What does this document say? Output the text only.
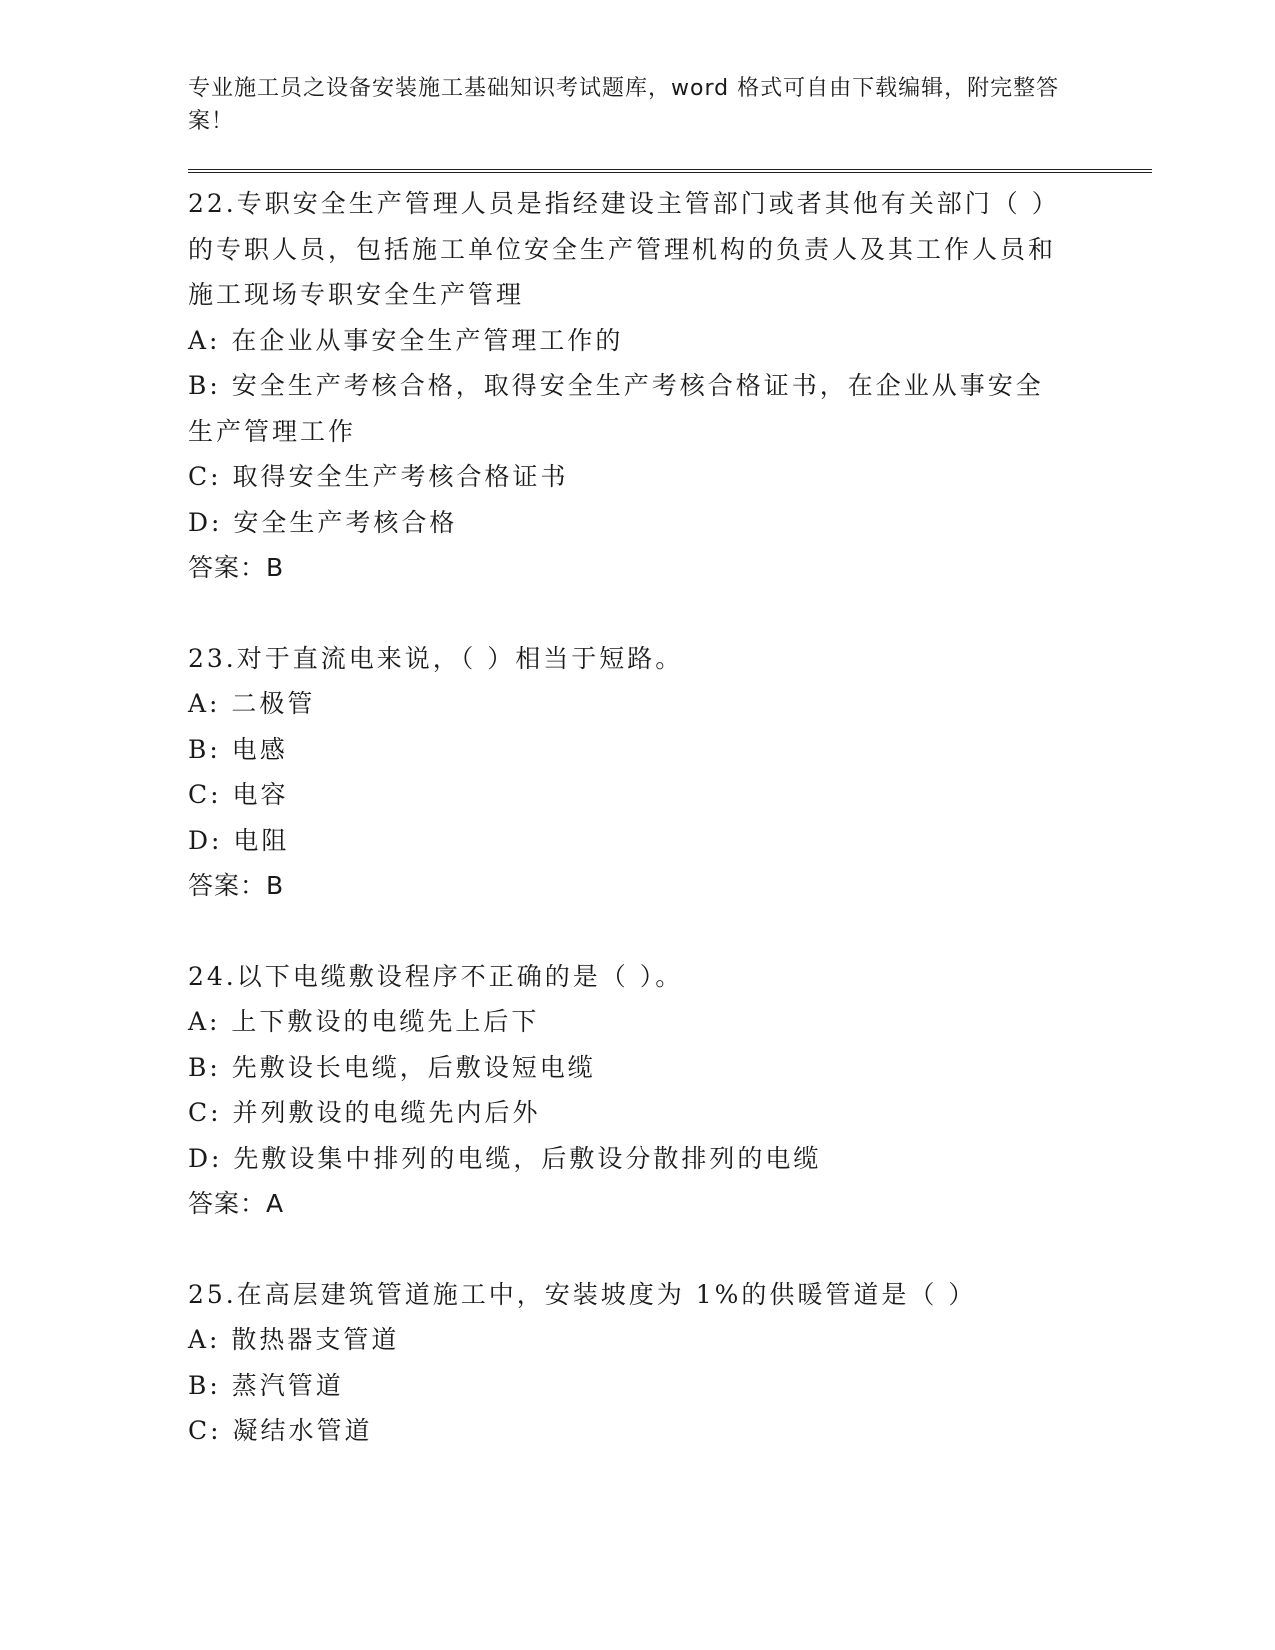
专业施工员之设备安装施工基础知识考试题库，word 格式可自由下载编辑，附完整答案！

22.专职安全生产管理人员是指经建设主管部门或者其他有关部门（ ）的专职人员，包括施工单位安全生产管理机构的负责人及其工作人员和施工现场专职安全生产管理

A: 在企业从事安全生产管理工作的

B: 安全生产考核合格，取得安全生产考核合格证书，在企业从事安全生产管理工作

C: 取得安全生产考核合格证书

D: 安全生产考核合格

答案：B

23.对于直流电来说，（ ）相当于短路。

A: 二极管

B: 电感

C: 电容

D: 电阻

答案：B

24.以下电缆敷设程序不正确的是（ ）。

A: 上下敷设的电缆先上后下

B: 先敷设长电缆，后敷设短电缆

C: 并列敷设的电缆先内后外

D: 先敷设集中排列的电缆，后敷设分散排列的电缆

答案：A

25.在高层建筑管道施工中，安装坡度为 1%的供暖管道是（ ）

A: 散热器支管道

B: 蒸汽管道

C: 凝结水管道
